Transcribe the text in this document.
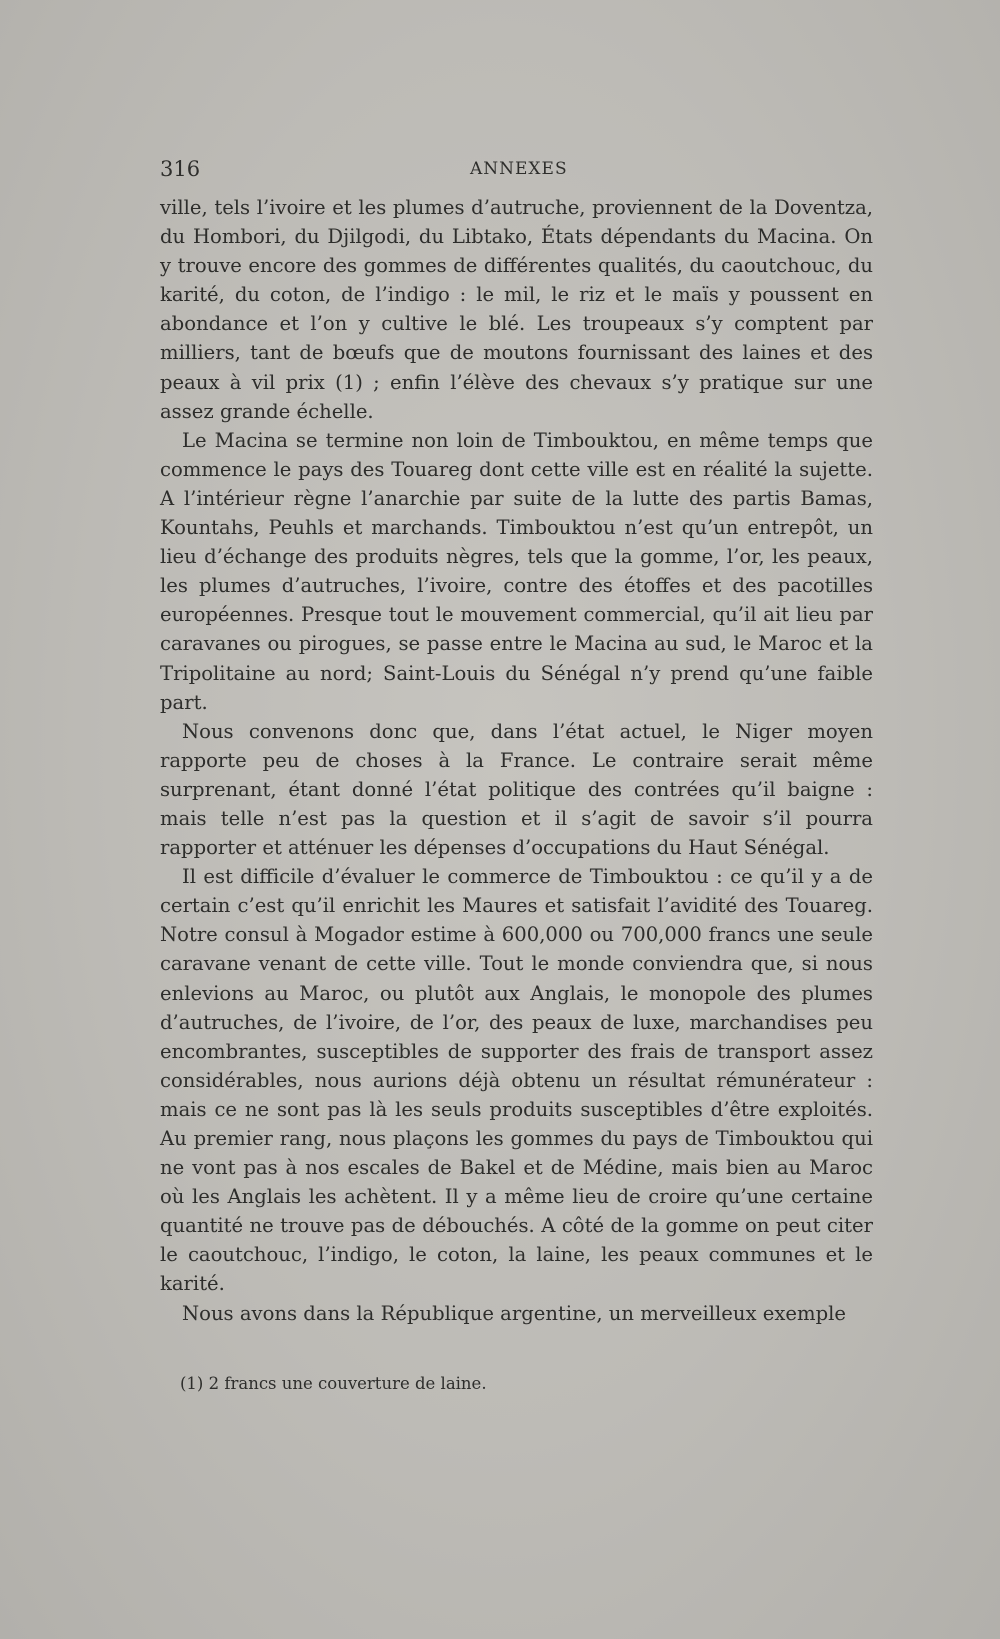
316	ANNEXES

ville, tels l’ivoire et les plumes d’autruche, proviennent de la Doventza, du Hombori, du Djilgodi, du Libtako, États dépendants du Macina. On y trouve encore des gommes de différentes qualités, du caoutchouc, du karité, du coton, de l’indigo : le mil, le riz et le maïs y poussent en abondance et l’on y cultive le blé. Les troupeaux s’y comptent par milliers, tant de bœufs que de moutons fournissant des laines et des peaux à vil prix (1) ; enfin l’élève des chevaux s’y pratique sur une assez grande échelle.

Le Macina se termine non loin de Timbouktou, en même temps que commence le pays des Touareg dont cette ville est en réalité la sujette. A l’intérieur règne l’anarchie par suite de la lutte des partis Bamas, Kountahs, Peuhls et marchands. Timbouktou n’est qu’un entrepôt, un lieu d’échange des produits nègres, tels que la gomme, l’or, les peaux, les plumes d’autruches, l’ivoire, contre des étoffes et des pacotilles européennes. Presque tout le mouvement commercial, qu’il ait lieu par caravanes ou pirogues, se passe entre le Macina au sud, le Maroc et la Tripolitaine au nord; Saint-Louis du Sénégal n’y prend qu’une faible part.

Nous convenons donc que, dans l’état actuel, le Niger moyen rapporte peu de choses à la France. Le contraire serait même surprenant, étant donné l’état politique des contrées qu’il baigne : mais telle n’est pas la question et il s’agit de savoir s’il pourra rapporter et atténuer les dépenses d’occupations du Haut Sénégal.

Il est difficile d’évaluer le commerce de Timbouktou : ce qu’il y a de certain c’est qu’il enrichit les Maures et satisfait l’avidité des Touareg. Notre consul à Mogador estime à 600,000 ou 700,000 francs une seule caravane venant de cette ville. Tout le monde conviendra que, si nous enlevions au Maroc, ou plutôt aux Anglais, le monopole des plumes d’autruches, de l’ivoire, de l’or, des peaux de luxe, marchandises peu encombrantes, susceptibles de supporter des frais de transport assez considérables, nous aurions déjà obtenu un résultat rémunérateur : mais ce ne sont pas là les seuls produits susceptibles d’être exploités. Au premier rang, nous plaçons les gommes du pays de Timbouktou qui ne vont pas à nos escales de Bakel et de Médine, mais bien au Maroc où les Anglais les achètent. Il y a même lieu de croire qu’une certaine quantité ne trouve pas de débouchés. A côté de la gomme on peut citer le caoutchouc, l’indigo, le coton, la laine, les peaux communes et le karité.

Nous avons dans la République argentine, un merveilleux exemple

(1) 2 francs une couverture de laine.
